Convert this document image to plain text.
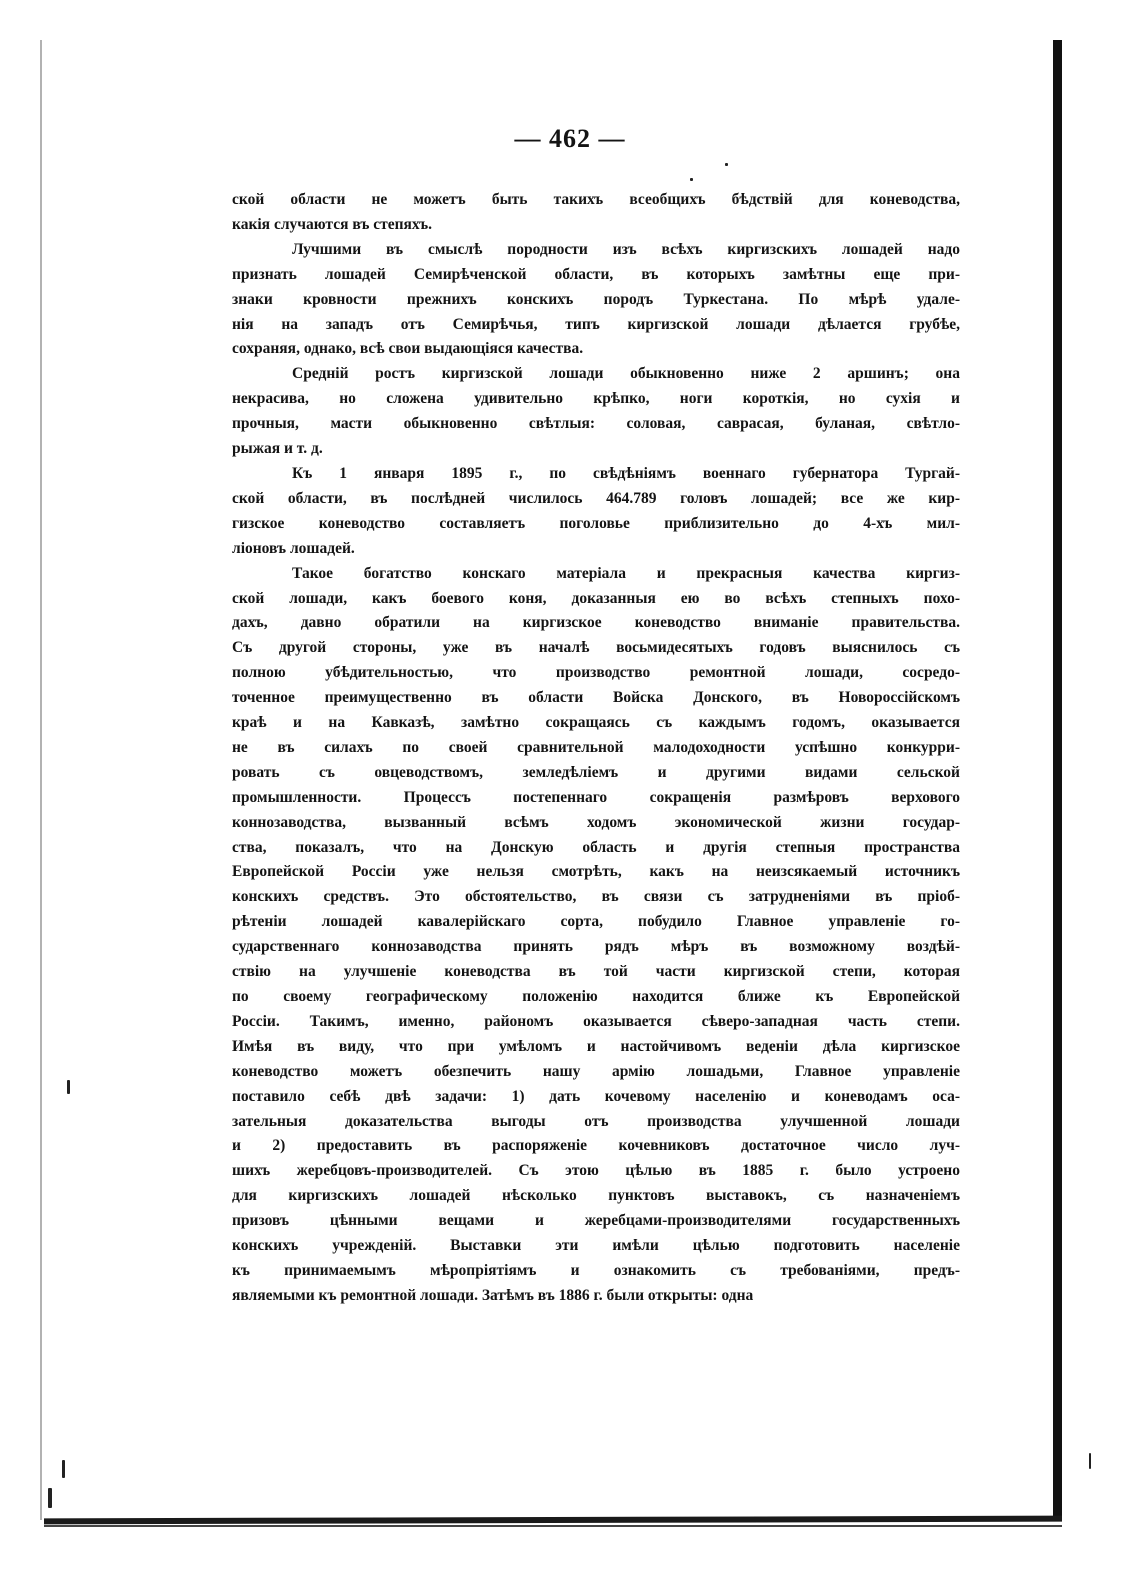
— 462 —

ской области не можетъ быть такихъ всеобщихъ бѣдствій для коневодства,
какія случаются въ степяхъ.

Лучшими въ смыслѣ породности изъ всѣхъ киргизскихъ лошадей надо
признать лошадей Семирѣченской области, въ которыхъ замѣтны еще при-
знаки кровности прежнихъ конскихъ породъ Туркестана. По мѣрѣ удале-
нія на западъ отъ Семирѣчья, типъ киргизской лошади дѣлается грубѣе,
сохраняя, однако, всѣ свои выдающіяся качества.

Средній ростъ киргизской лошади обыкновенно ниже 2 аршинъ; она
некрасива, но сложена удивительно крѣпко, ноги короткія, но сухія и
прочныя, масти обыкновенно свѣтлыя: соловая, саврасая, буланая, свѣтло-
рыжая и т. д.

Къ 1 января 1895 г., по свѣдѣніямъ военнаго губернатора Тургай-
ской области, въ послѣдней числилось 464.789 головъ лошадей; все же кир-
гизское коневодство составляетъ поголовье приблизительно до 4-хъ мил-
ліоновъ лошадей.

Такое богатство конскаго матеріала и прекрасныя качества киргиз-
ской лошади, какъ боевого коня, доказанныя ею во всѣхъ степныхъ похо-
дахъ, давно обратили на киргизское коневодство вниманіе правительства.
Съ другой стороны, уже въ началѣ восьмидесятыхъ годовъ выяснилось съ
полною убѣдительностью, что производство ремонтной лошади, сосредо-
точенное преимущественно въ области Войска Донского, въ Новороссійскомъ
краѣ и на Кавказѣ, замѣтно сокращаясь съ каждымъ годомъ, оказывается
не въ силахъ по своей сравнительной малодоходности успѣшно конкурри-
ровать съ овцеводствомъ, земледѣліемъ и другими видами сельской
промышленности. Процессъ постепеннаго сокращенія размѣровъ верхового
коннозаводства, вызванный всѣмъ ходомъ экономической жизни государ-
ства, показалъ, что на Донскую область и другія степныя пространства
Европейской Россіи уже нельзя смотрѣть, какъ на неизсякаемый источникъ
конскихъ средствъ. Это обстоятельство, въ связи съ затрудненіями въ пріоб-
рѣтеніи лошадей кавалерійскаго сорта, побудило Главное управленіе го-
сударственнаго коннозаводства принять рядъ мѣръ въ возможному воздѣй-
ствію на улучшеніе коневодства въ той части киргизской степи, которая
по своему географическому положенію находится ближе къ Европейской
Россіи. Такимъ, именно, райономъ оказывается сѣверо-западная часть степи.
Имѣя въ виду, что при умѣломъ и настойчивомъ веденіи дѣла киргизское
коневодство можетъ обезпечить нашу армію лошадьми, Главное управленіе
поставило себѣ двѣ задачи: 1) дать кочевому населенію и коневодамъ оса-
зательныя доказательства выгоды отъ производства улучшенной лошади
и 2) предоставить въ распоряженіе кочевниковъ достаточное число луч-
шихъ жеребцовъ-производителей. Съ этою цѣлью въ 1885 г. было устроено
для киргизскихъ лошадей нѣсколько пунктовъ выставокъ, съ назначеніемъ
призовъ цѣнными вещами и жеребцами-производителями государственныхъ
конскихъ учрежденій. Выставки эти имѣли цѣлью подготовить населеніе
къ принимаемымъ мѣропріятіямъ и ознакомить съ требованіями, предъ-
являемыми къ ремонтной лошади. Затѣмъ въ 1886 г. были открыты: одна
